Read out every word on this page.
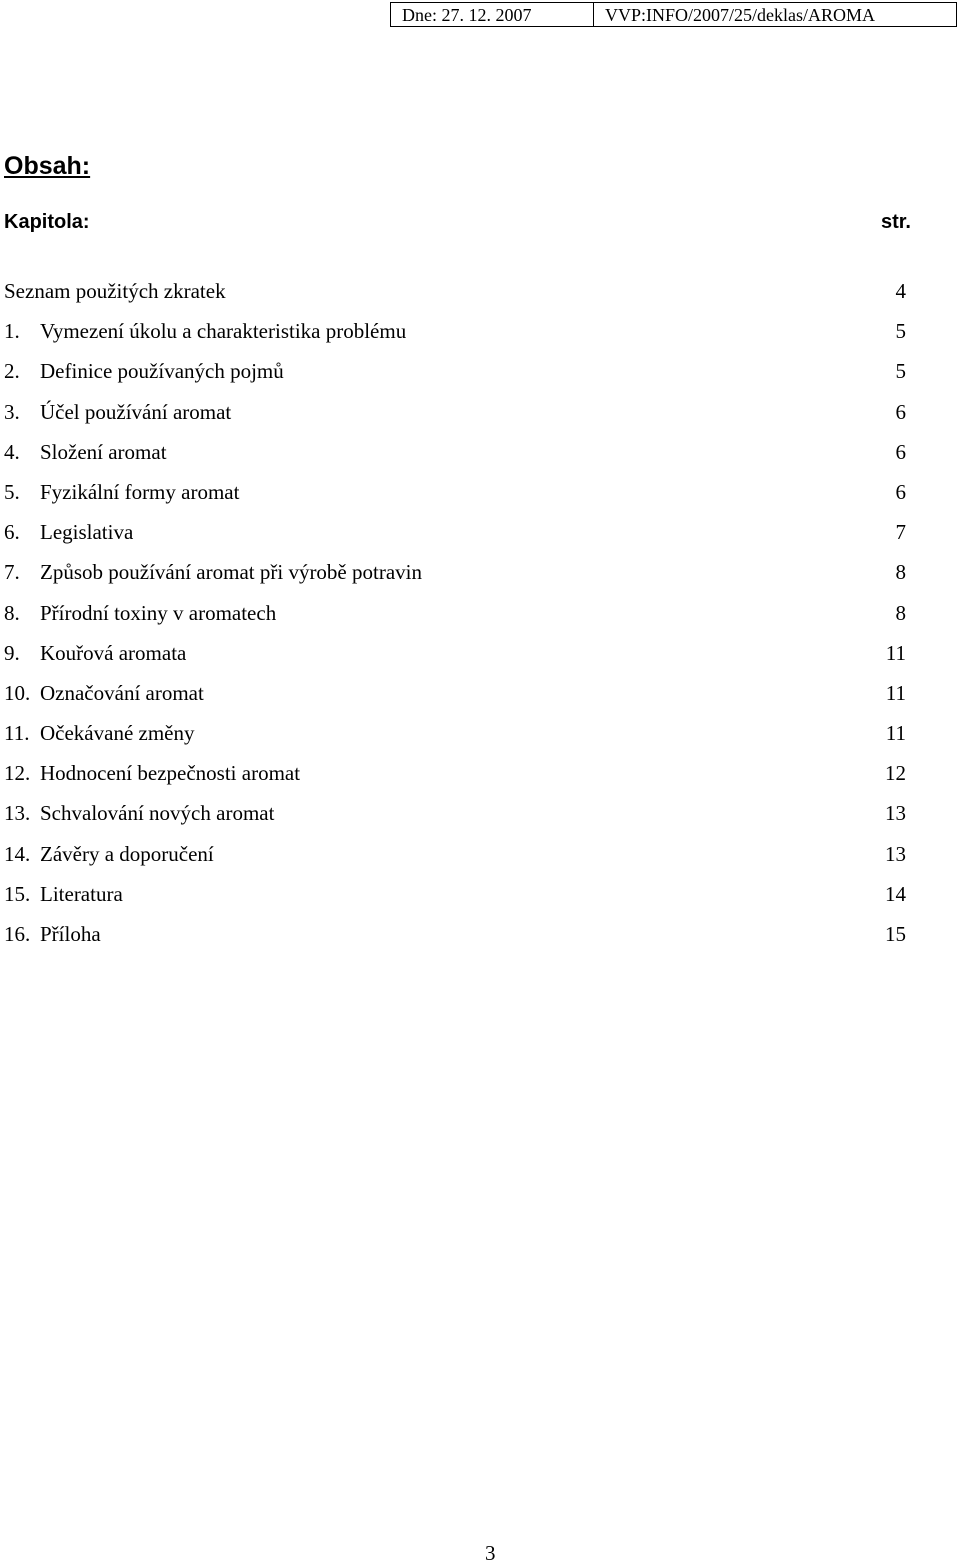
Dne: 27. 12. 2007	VVP:INFO/2007/25/deklas/AROMA
Obsah:
Kapitola:	str.
Seznam použitých zkratek	4
1. Vymezení úkolu a charakteristika problému	5
2. Definice používaných pojmů	5
3. Účel používání aromat	6
4. Složení aromat	6
5. Fyzikální formy aromat	6
6. Legislativa	7
7. Způsob používání aromat při výrobě potravin	8
8. Přírodní toxiny v aromatech	8
9. Kouřová aromata	11
10. Označování aromat	11
11. Očekávané změny	11
12. Hodnocení bezpečnosti aromat	12
13. Schvalování nových aromat	13
14. Závěry a doporučení	13
15. Literatura	14
16. Příloha	15
3
